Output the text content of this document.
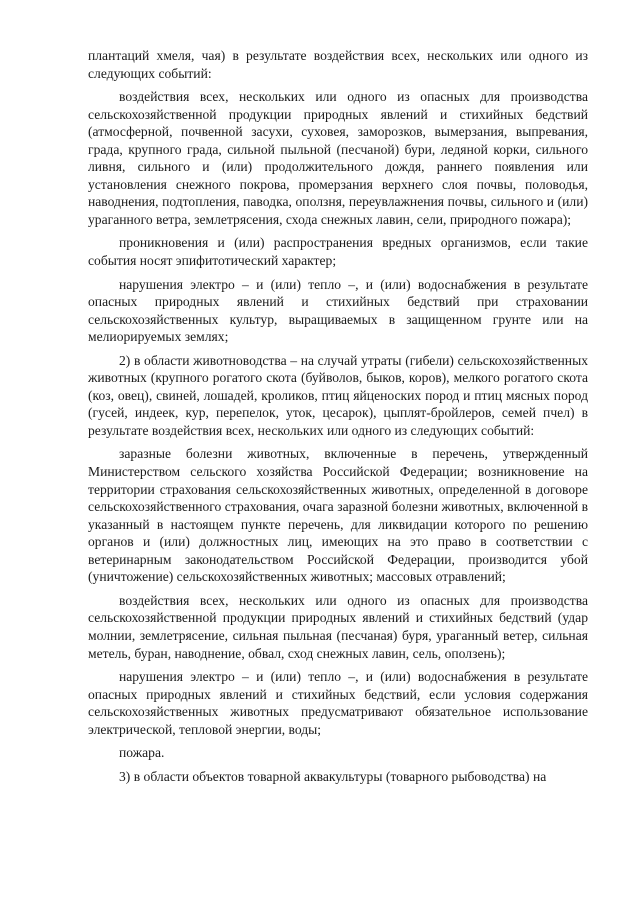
плантаций хмеля, чая) в результате воздействия всех, нескольких или одного из следующих событий:

воздействия всех, нескольких или одного из опасных для производства сельскохозяйственной продукции природных явлений и стихийных бедствий (атмосферной, почвенной засухи, суховея, заморозков, вымерзания, выпревания, града, крупного града, сильной пыльной (песчаной) бури, ледяной корки, сильного ливня, сильного и (или) продолжительного дождя, раннего появления или установления снежного покрова, промерзания верхнего слоя почвы, половодья, наводнения, подтопления, паводка, оползня, переувлажнения почвы, сильного и (или) ураганного ветра, землетрясения, схода снежных лавин, сели, природного пожара);

проникновения и (или) распространения вредных организмов, если такие события носят эпифитотический характер;

нарушения электро – и (или) тепло –, и (или) водоснабжения в результате опасных природных явлений и стихийных бедствий при страховании сельскохозяйственных культур, выращиваемых в защищенном грунте или на мелиорируемых землях;

2) в области животноводства – на случай утраты (гибели) сельскохозяйственных животных (крупного рогатого скота (буйволов, быков, коров), мелкого рогатого скота (коз, овец), свиней, лошадей, кроликов, птиц яйценоских пород и птиц мясных пород (гусей, индеек, кур, перепелок, уток, цесарок), цыплят-бройлеров, семей пчел) в результате воздействия всех, нескольких или одного из следующих событий:

заразные болезни животных, включенные в перечень, утвержденный Министерством сельского хозяйства Российской Федерации; возникновение на территории страхования сельскохозяйственных животных, определенной в договоре сельскохозяйственного страхования, очага заразной болезни животных, включенной в указанный в настоящем пункте перечень, для ликвидации которого по решению органов и (или) должностных лиц, имеющих на это право в соответствии с ветеринарным законодательством Российской Федерации, производится убой (уничтожение) сельскохозяйственных животных; массовых отравлений;

воздействия всех, нескольких или одного из опасных для производства сельскохозяйственной продукции природных явлений и стихийных бедствий (удар молнии, землетрясение, сильная пыльная (песчаная) буря, ураганный ветер, сильная метель, буран, наводнение, обвал, сход снежных лавин, сель, оползень);

нарушения электро – и (или) тепло –, и (или) водоснабжения в результате опасных природных явлений и стихийных бедствий, если условия содержания сельскохозяйственных животных предусматривают обязательное использование электрической, тепловой энергии, воды;

пожара.

3) в области объектов товарной аквакультуры (товарного рыбоводства) на
